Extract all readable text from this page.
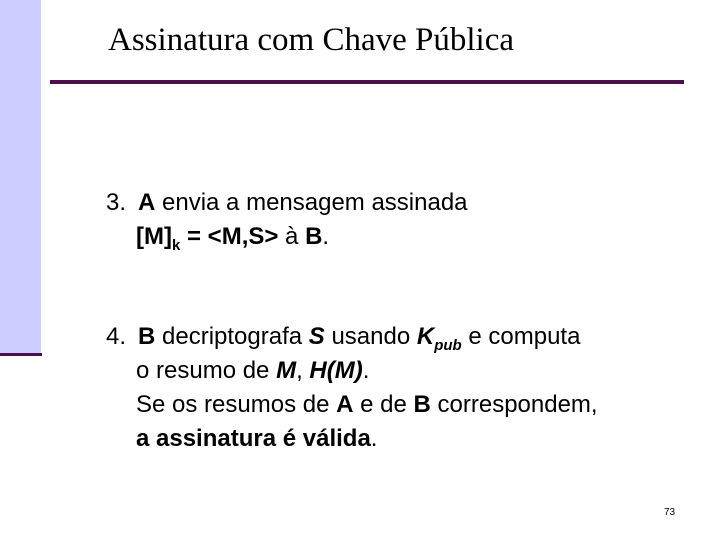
Assinatura com Chave Pública
3. A envia a mensagem assinada
$[M]_k = <M,S>$ à B.
4. B decriptografa S usando $K_{pub}$ e computa
o resumo de M, H(M).
Se os resumos de A e de B correspondem,
a assinatura é válida.
73
